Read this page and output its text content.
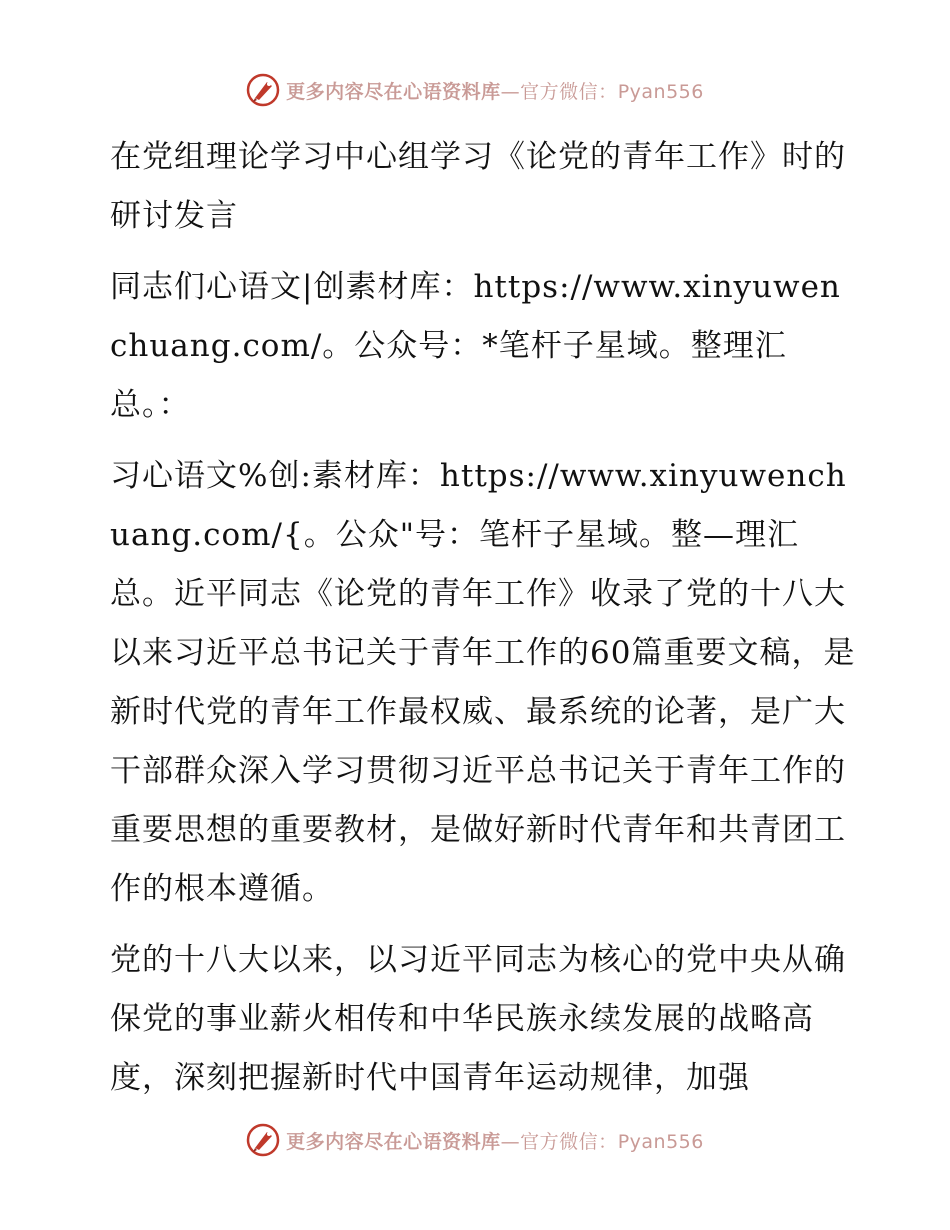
更多内容尽在心语资料库—官方微信：Pyan556

在党组理论学习中心组学习《论党的青年工作》时的研讨发言

同志们心语文|创素材库：https://www.xinyuwenchuang.com/。公众号：*笔杆子星域。整理汇总。：

习心语文%创:素材库：https://www.xinyuwenchuang.com/{。公众"号：笔杆子星域。整—理汇总。近平同志《论党的青年工作》收录了党的十八大以来习近平总书记关于青年工作的60篇重要文稿，是新时代党的青年工作最权威、最系统的论著，是广大干部群众深入学习贯彻习近平总书记关于青年工作的重要思想的重要教材，是做好新时代青年和共青团工作的根本遵循。

党的十八大以来，以习近平同志为核心的党中央从确保党的事业薪火相传和中华民族永续发展的战略高度，深刻把握新时代中国青年运动规律，加强

更多内容尽在心语资料库—官方微信：Pyan556
